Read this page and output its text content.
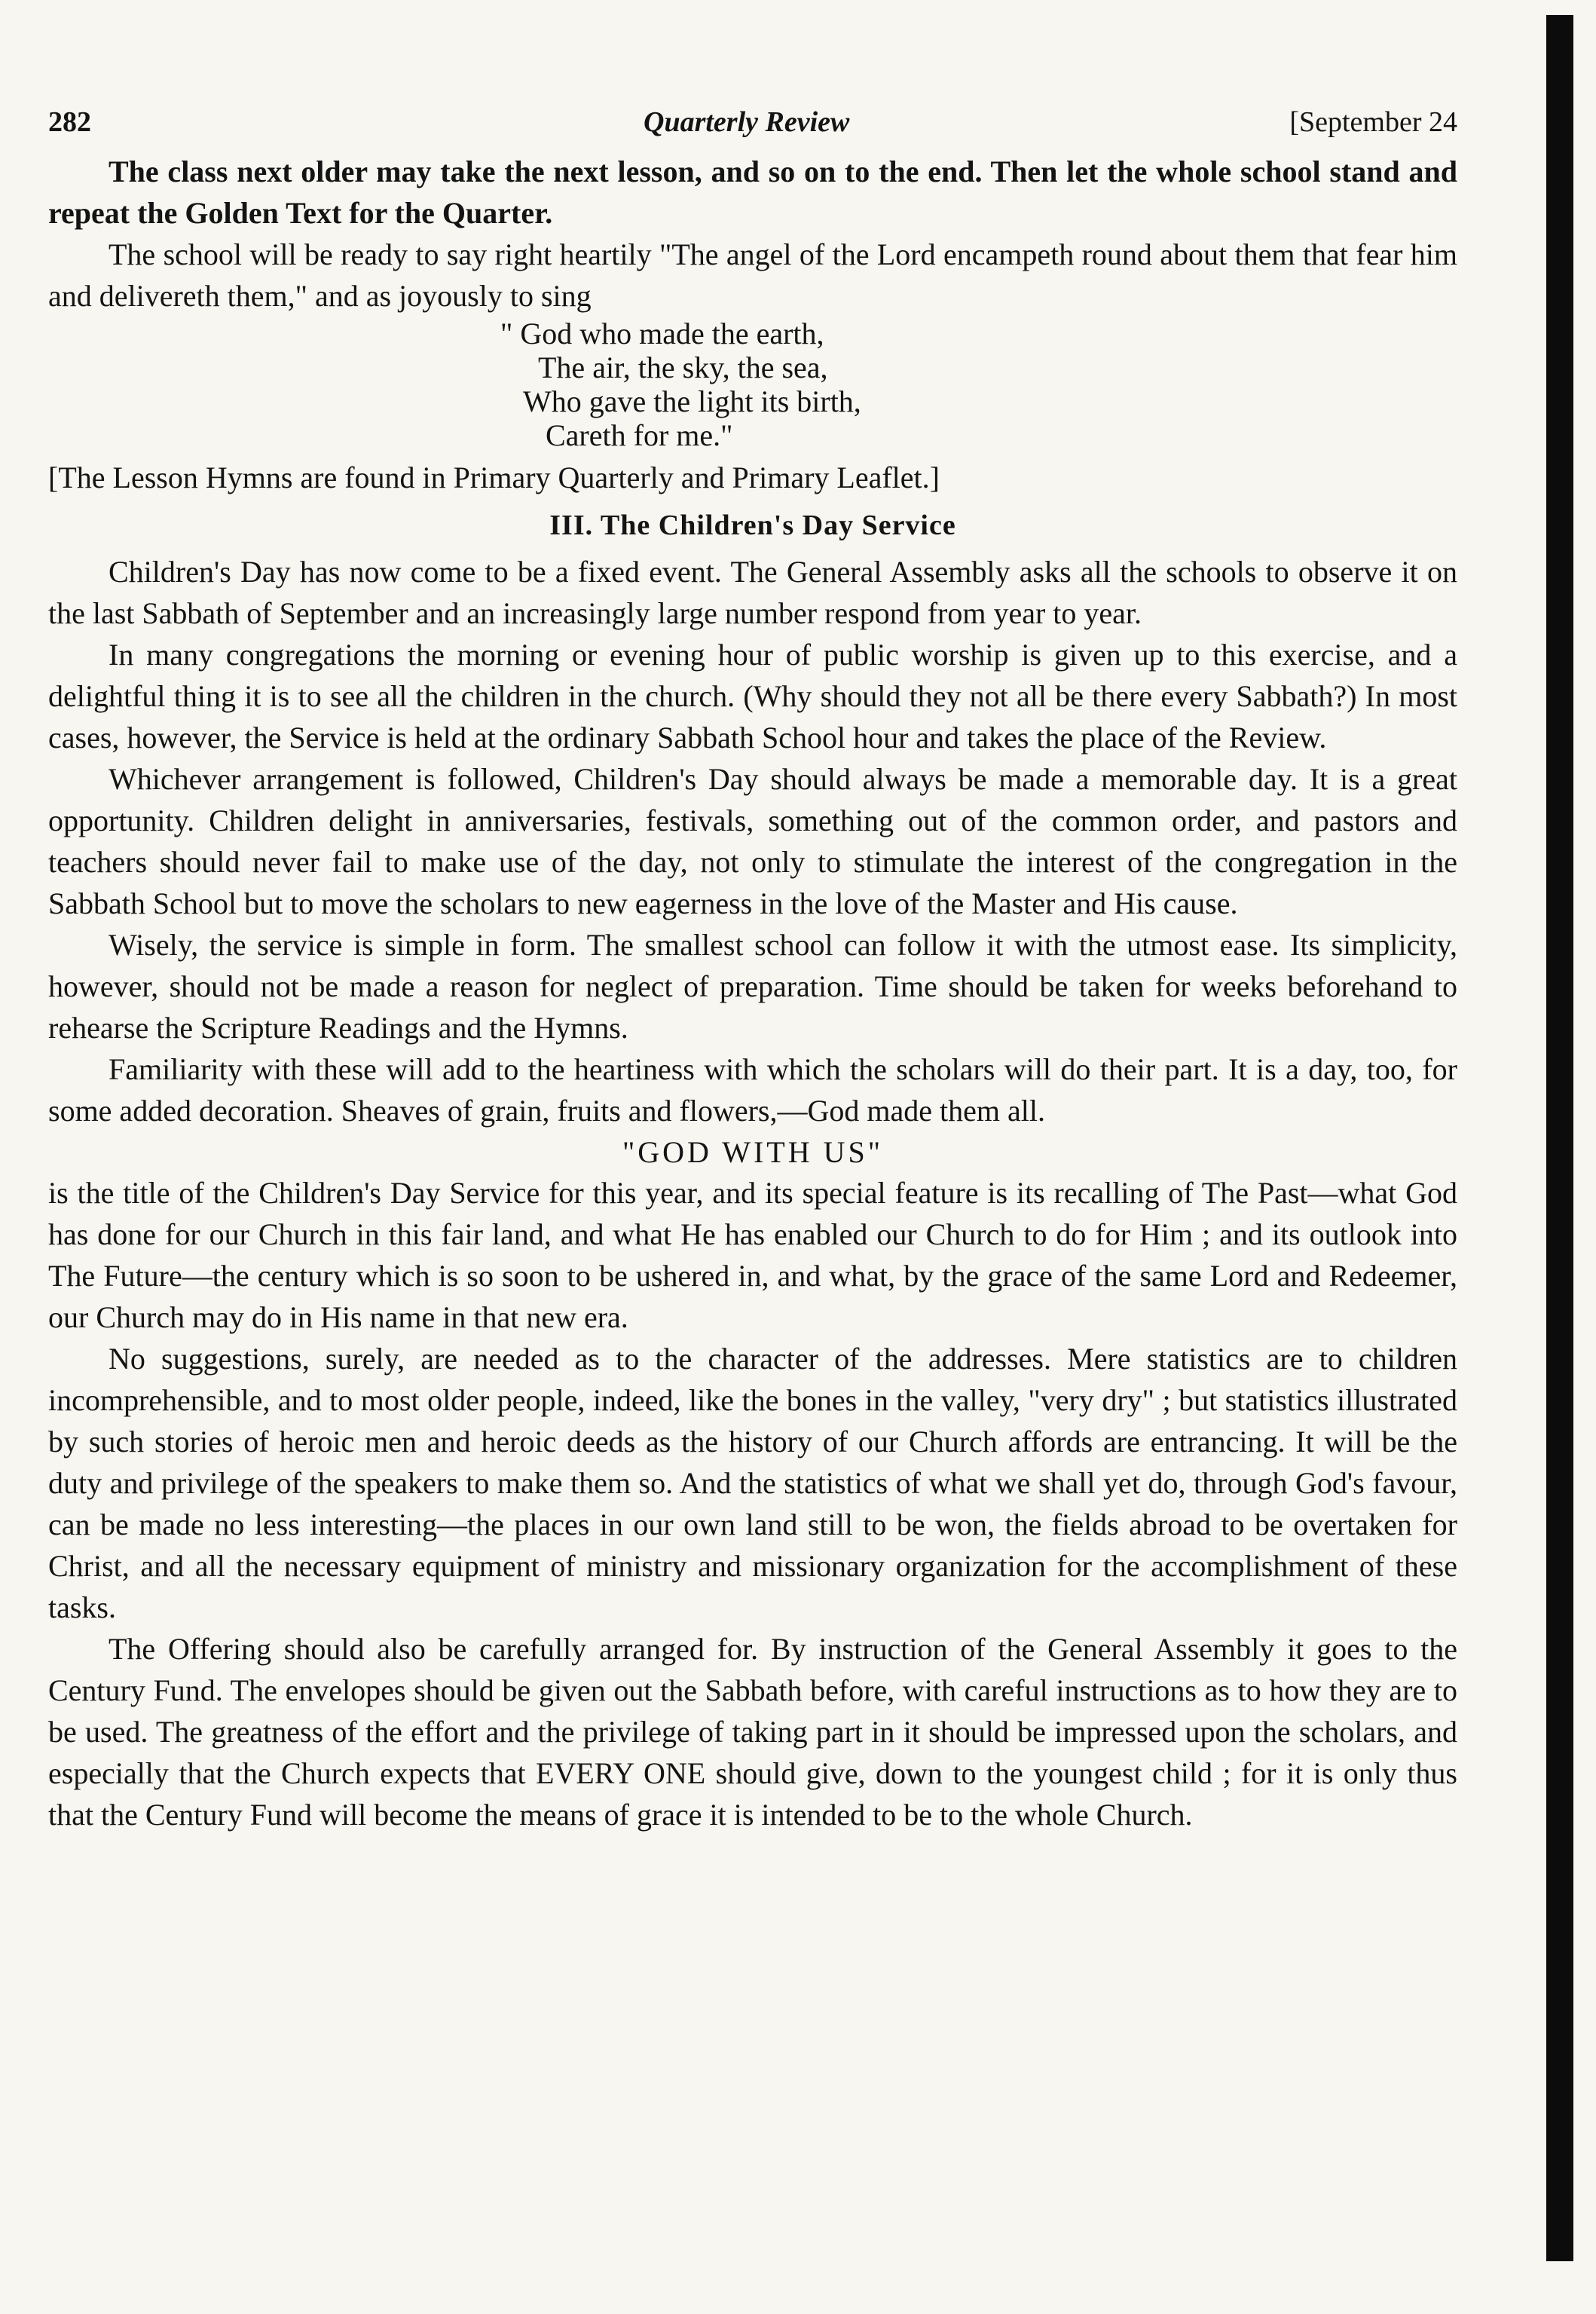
282	Quarterly Review	[September 24

The class next older may take the next lesson, and so on to the end. Then let the whole school stand and repeat the Golden Text for the Quarter.

The school will be ready to say right heartily "The angel of the Lord encampeth round about them that fear him and delivereth them," and as joyously to sing

" God who made the earth,
The air, the sky, the sea,
Who gave the light its birth,
Careth for me."

[The Lesson Hymns are found in Primary Quarterly and Primary Leaflet.]

III. The Children's Day Service

Children's Day has now come to be a fixed event. The General Assembly asks all the schools to observe it on the last Sabbath of September and an increasingly large number respond from year to year.

In many congregations the morning or evening hour of public worship is given up to this exercise, and a delightful thing it is to see all the children in the church. (Why should they not all be there every Sabbath?) In most cases, however, the Service is held at the ordinary Sabbath School hour and takes the place of the Review.

Whichever arrangement is followed, Children's Day should always be made a memorable day. It is a great opportunity. Children delight in anniversaries, festivals, something out of the common order, and pastors and teachers should never fail to make use of the day, not only to stimulate the interest of the congregation in the Sabbath School but to move the scholars to new eagerness in the love of the Master and His cause.

Wisely, the service is simple in form. The smallest school can follow it with the utmost ease. Its simplicity, however, should not be made a reason for neglect of preparation. Time should be taken for weeks beforehand to rehearse the Scripture Readings and the Hymns.

Familiarity with these will add to the heartiness with which the scholars will do their part. It is a day, too, for some added decoration. Sheaves of grain, fruits and flowers,—God made them all.

"GOD WITH US"

is the title of the Children's Day Service for this year, and its special feature is its recalling of The Past—what God has done for our Church in this fair land, and what He has enabled our Church to do for Him ; and its outlook into The Future—the century which is so soon to be ushered in, and what, by the grace of the same Lord and Redeemer, our Church may do in His name in that new era.

No suggestions, surely, are needed as to the character of the addresses. Mere statistics are to children incomprehensible, and to most older people, indeed, like the bones in the valley, "very dry" ; but statistics illustrated by such stories of heroic men and heroic deeds as the history of our Church affords are entrancing. It will be the duty and privilege of the speakers to make them so. And the statistics of what we shall yet do, through God's favour, can be made no less interesting—the places in our own land still to be won, the fields abroad to be overtaken for Christ, and all the necessary equipment of ministry and missionary organization for the accomplishment of these tasks.

The Offering should also be carefully arranged for. By instruction of the General Assembly it goes to the Century Fund. The envelopes should be given out the Sabbath before, with careful instructions as to how they are to be used. The greatness of the effort and the privilege of taking part in it should be impressed upon the scholars, and especially that the Church expects that EVERY ONE should give, down to the youngest child ; for it is only thus that the Century Fund will become the means of grace it is intended to be to the whole Church.
